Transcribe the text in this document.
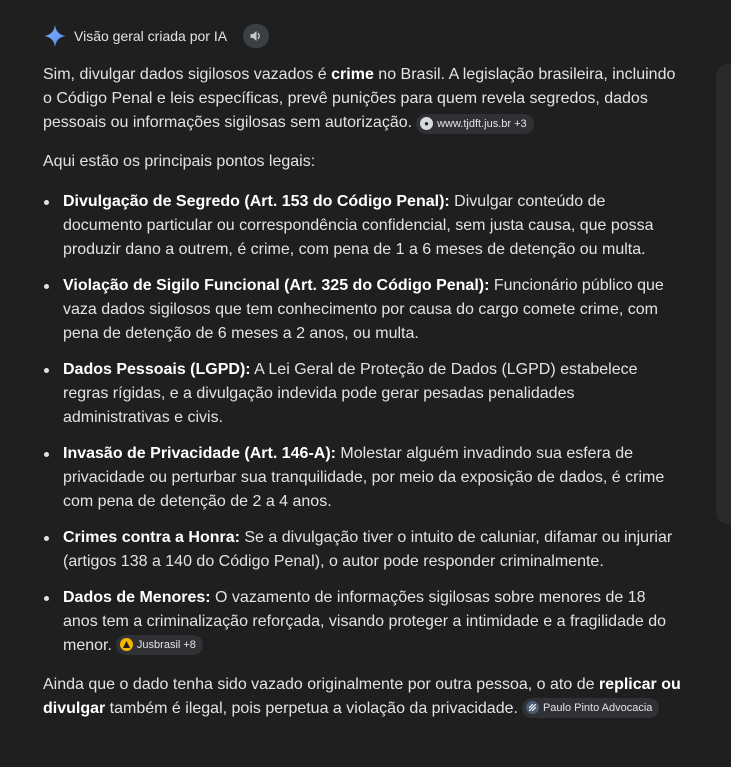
Visão geral criada por IA

Sim, divulgar dados sigilosos vazados é crime no Brasil. A legislação brasileira, incluindo o Código Penal e leis específicas, prevê punições para quem revela segredos, dados pessoais ou informações sigilosas sem autorização.	● www.tjdft.jus.br +3

Aqui estão os principais pontos legais:

Divulgação de Segredo (Art. 153 do Código Penal): Divulgar conteúdo de documento particular ou correspondência confidencial, sem justa causa, que possa produzir dano a outrem, é crime, com pena de 1 a 6 meses de detenção ou multa.
Violação de Sigilo Funcional (Art. 325 do Código Penal): Funcionário público que vaza dados sigilosos que tem conhecimento por causa do cargo comete crime, com pena de detenção de 6 meses a 2 anos, ou multa.
Dados Pessoais (LGPD): A Lei Geral de Proteção de Dados (LGPD) estabelece regras rígidas, e a divulgação indevida pode gerar pesadas penalidades administrativas e civis.
Invasão de Privacidade (Art. 146-A): Molestar alguém invadindo sua esfera de privacidade ou perturbar sua tranquilidade, por meio da exposição de dados, é crime com pena de detenção de 2 a 4 anos.
Crimes contra a Honra: Se a divulgação tiver o intuito de caluniar, difamar ou injuriar (artigos 138 a 140 do Código Penal), o autor pode responder criminalmente.
Dados de Menores: O vazamento de informações sigilosas sobre menores de 18 anos tem a criminalização reforçada, visando proteger a intimidade e a fragilidade do menor. Jusbrasil +8

Ainda que o dado tenha sido vazado originalmente por outra pessoa, o ato de replicar ou divulgar também é ilegal, pois perpetua a violação da privacidade. Paulo Pinto Advocacia
